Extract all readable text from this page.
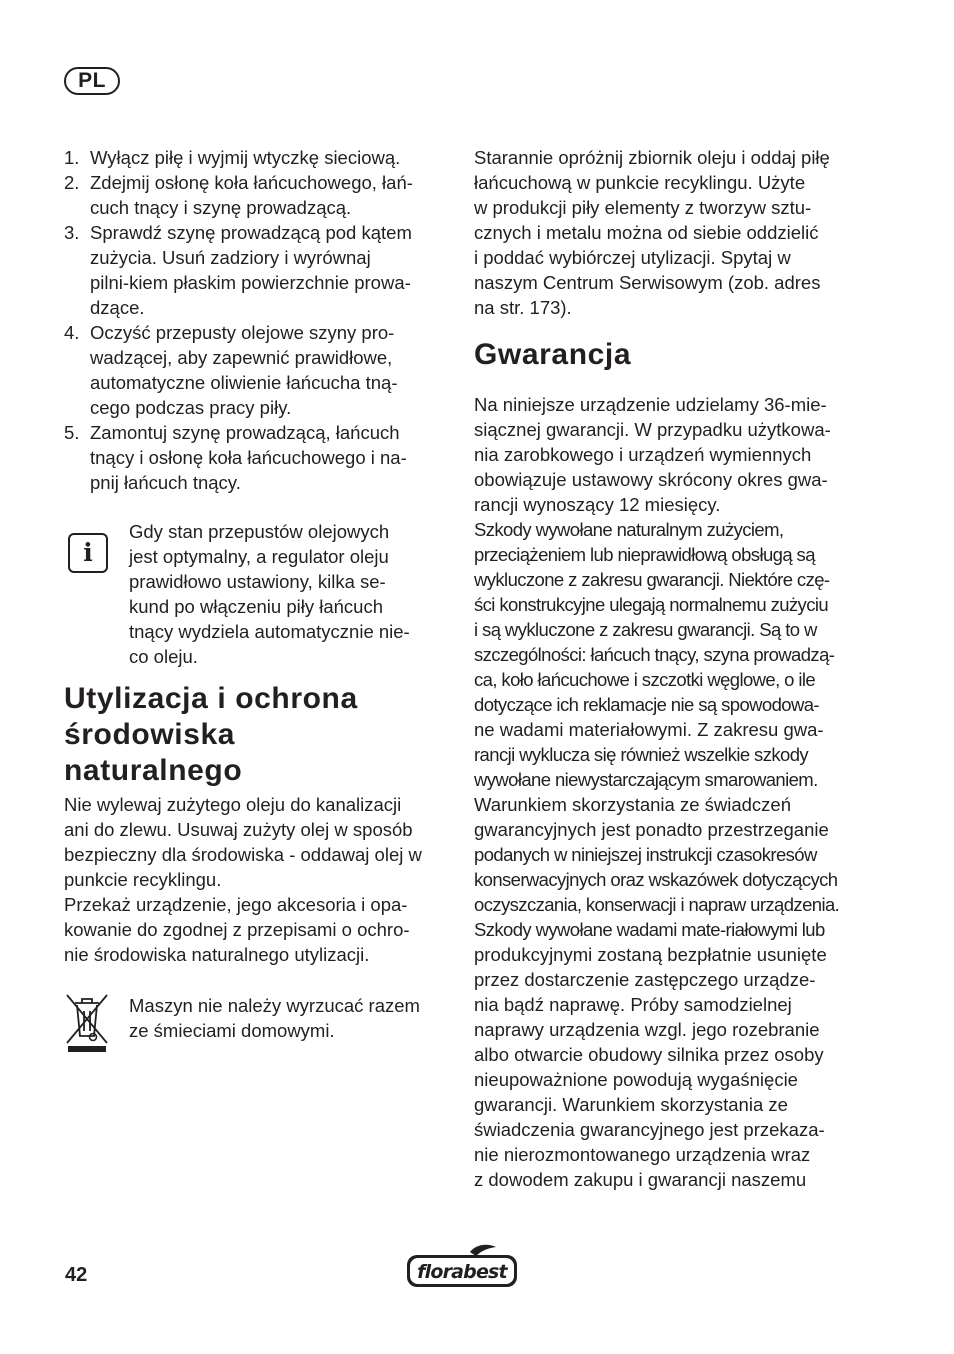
PL
1. Wyłącz piłę i wyjmij wtyczkę sieciową.
2. Zdejmij osłonę koła łańcuchowego, łań-
cuch tnący i szynę prowadzącą.
3. Sprawdź szynę prowadzącą pod kątem
zużycia. Usuń zadziory i wyrównaj
pilni-kiem płaskim powierzchnie prowa-
dzące.
4. Oczyść przepusty olejowe szyny pro-
wadzącej, aby zapewnić prawidłowe,
automatyczne oliwienie łańcucha tną-
cego podczas pracy piły.
5. Zamontuj szynę prowadzącą, łańcuch
tnący i osłonę koła łańcuchowego i na-
pnij łańcuch tnący.
i

Gdy stan przepustów olejowych
jest optymalny, a regulator oleju
prawidłowo ustawiony, kilka se-
kund po włączeniu piły łańcuch
tnący wydziela automatycznie nie-
co oleju.

Utylizacja i ochrona
środowiska
naturalnego

Nie wylewaj zużytego oleju do kanalizacji
ani do zlewu. Usuwaj zużyty olej w sposób
bezpieczny dla środowiska - oddawaj olej w
punkcie recyklingu.

Przekaż urządzenie, jego akcesoria i opa-
kowanie do zgodnej z przepisami o ochro-
nie środowiska naturalnego utylizacji.

Maszyn nie należy wyrzucać razem
ze śmieciami domowymi.

Starannie opróżnij zbiornik oleju i oddaj piłę
łańcuchową w punkcie recyklingu. Użyte
w produkcji piły elementy z tworzyw sztu-
cznych i metalu można od siebie oddzielić
i poddać wybiórczej utylizacji. Spytaj w
naszym Centrum Serwisowym (zob. adres
na str. 173).

Gwarancja

Na niniejsze urządzenie udzielamy 36-mie-
siącznej gwarancji. W przypadku użytkowa-
nia zarobkowego i urządzeń wymiennych
obowiązuje ustawowy skrócony okres gwa-
rancji wynoszący 12 miesięcy.

Szkody wywołane naturalnym zużyciem,
przeciążeniem lub nieprawidłową obsługą są
wykluczone z zakresu gwarancji. Niektóre czę-
ści konstrukcyjne ulegają normalnemu zużyciu
i są wykluczone z zakresu gwarancji. Są to w
szczególności: łańcuch tnący, szyna prowadzą-
ca, koło łańcuchowe i szczotki węglowe, o ile
dotyczące ich reklamacje nie są spowodowa-
ne wadami materiałowymi. Z zakresu gwa-
rancji wyklucza się również wszelkie szkody
wywołane niewystarczającym smarowaniem.
Warunkiem skorzystania ze świadczeń
gwarancyjnych jest ponadto przestrzeganie
podanych w niniejszej instrukcji czasokresów
konserwacyjnych oraz wskazówek dotyczących
oczyszczania, konserwacji i napraw urządzenia.
Szkody wywołane wadami mate-riałowymi lub
produkcyjnymi zostaną bezpłatnie usunięte
przez dostarczenie zastępczego urządze-
nia bądź naprawę. Próby samodzielnej
naprawy urządzenia wzgl. jego rozebranie
albo otwarcie obudowy silnika przez osoby
nieupoważnione powodują wygaśnięcie
gwarancji. Warunkiem skorzystania ze
świadczenia gwarancyjnego jest przekaza-
nie nierozmontowanego urządzenia wraz
z dowodem zakupu i gwarancji naszemu

42	florabest
